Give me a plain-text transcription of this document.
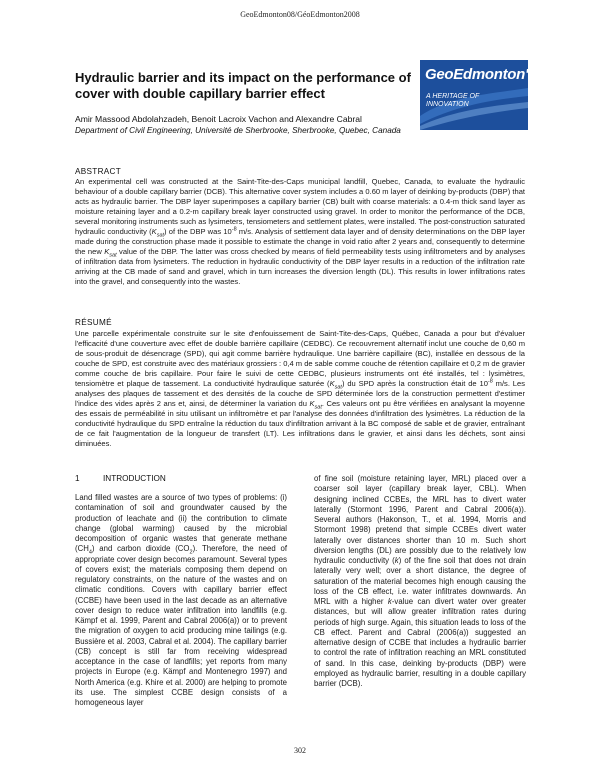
GeoEdmonton08/GéoEdmonton2008
Hydraulic barrier and its impact on the performance of cover with double capillary barrier effect
GeoEdmonton'08
A HERITAGE OF INNOVATION
Amir Massood Abdolahzadeh, Benoit Lacroix Vachon and Alexandre Cabral
Department of Civil Engineering, Université de Sherbrooke, Sherbrooke, Quebec, Canada
ABSTRACT

An experimental cell was constructed at the Saint-Tite-des-Caps municipal landfill, Quebec, Canada, to evaluate the hydraulic behaviour of a double capillary barrier (DCB). This alternative cover system includes a 0.60 m layer of deinking by-products (DBP) that acts as hydraulic barrier. The DBP layer superimposes a capillary barrier (CB) built with coarse materials: a 0.4-m thick sand layer as moisture retaining layer and a 0.2-m capillary break layer constructed using gravel. In order to monitor the performance of the DCB, several monitoring instruments such as lysimeters, tensiometers and settlement plates, were installed. The post-construction saturated hydraulic conductivity $(K_{sat})$ of the DBP was $10^{-8}$ m/s. Analysis of settlement data layer and of density determinations on the DBP layer made during the construction phase made it possible to estimate the change in void ratio after 2 years and, consequently to determine the new $K_{sat}$ value of the DBP. The latter was cross checked by means of field permeability tests using infiltrometers and by analyses of infiltration data from lysimeters. The reduction in hydraulic conductivity of the DBP layer results in a reduction of the infiltration rate arriving at the CB made of sand and gravel, which in turn increases the diversion length (DL). This results in lower infiltrations rates into the gravel, and consequently into the wastes.

RÉSUMÉ

Une parcelle expérimentale construite sur le site d'enfouissement de Saint-Tite-des-Caps, Québec, Canada a pour but d'évaluer l'efficacité d'une couverture avec effet de double barrière capillaire (CEDBC). Ce recouvrement alternatif inclut une couche de 0,60 m de sous-produit de désencrage (SPD), qui agit comme barrière hydraulique. Une barrière capillaire (BC), installée en dessous de la couche de SPD, est construite avec des matériaux grossiers : 0,4 m de sable comme couche de rétention capillaire et 0,2 m de gravier comme couche de bris capillaire. Pour faire le suivi de cette CEDBC, plusieurs instruments ont été installés, tel : lysimètres, tensiomètre et plaque de tassement. La conductivité hydraulique saturée $(K_{sat})$ du SPD après la construction était de $10^{-8}$ m/s. Les analyses des plaques de tassement et des densités de la couche de SPD déterminée lors de la construction permettent d'estimer l'indice des vides après 2 ans et, ainsi, de déterminer la variation du $K_{sat}$. Ces valeurs ont pu être vérifiées en analysant la moyenne des essais de perméabilité in situ utilisant un infiltromètre et par l'analyse des données d'infiltration des lysimètres. La réduction de la conductivité hydraulique du SPD entraîne la réduction du taux d'infiltration arrivant à la BC composé de sable et de gravier, entraînant de ce fait l'augmentation de la longueur de transfert (LT). Les infiltrations dans le gravier, et ainsi dans les déchets, sont ainsi diminuées.

1	INTRODUCTION

Land filled wastes are a source of two types of problems: (i) contamination of soil and groundwater caused by the production of leachate and (ii) the contribution to climate change (global warming) caused by the microbial decomposition of organic wastes that generate methane $(CH_4)$ and carbon dioxide $(CO_2)$. Therefore, the need of appropriate cover design becomes paramount. Several types of covers exist; the materials composing them depend on regulatory constraints, on the nature of the wastes and on climatic conditions. Covers with capillary barrier effect (CCBE) have been used in the last decade as an alternative cover design to reduce water infiltration into landfills (e.g. Kämpf et al. 1999, Parent and Cabral 2006(a)) or to prevent the migration of oxygen to acid producing mine tailings (e.g. Bussière et al. 2003, Cabral et al. 2004). The capillary barrier (CB) concept is still far from receiving widespread acceptance in the case of landfills; yet reports from many projects in Europe (e.g. Kämpf and Montenegro 1997) and North America (e.g. Khire et al. 2000) are helping to promote its use. The simplest CCBE design consists of a homogeneous layer

of fine soil (moisture retaining layer, MRL) placed over a coarser soil layer (capillary break layer, CBL). When designing inclined CCBEs, the MRL has to divert water laterally (Stormont 1996, Parent and Cabral 2006(a)). Several authors (Hakonson, T., et al. 1994, Morris and Stormont 1998) pretend that simple CCBEs divert water laterally over distances shorter than 10 m. Such short diversion lengths (DL) are possibly due to the relatively low hydraulic conductivity (k) of the fine soil that does not drain laterally very well; over a short distance, the degree of saturation of the material becomes high enough causing the loss of the CB effect, i.e. water infiltrates downwards. An MRL with a higher k-value can divert water over greater distances, but will allow greater infiltration rates during periods of high surge. Again, this situation leads to loss of the CB effect. Parent and Cabral (2006(a)) suggested an alternative design of CCBE that includes a hydraulic barrier to control the rate of infiltration reaching an MRL constituted of sand. In this case, deinking by-products (DBP) were employed as hydraulic barrier, resulting in a double capillary barrier (DCB).

302
